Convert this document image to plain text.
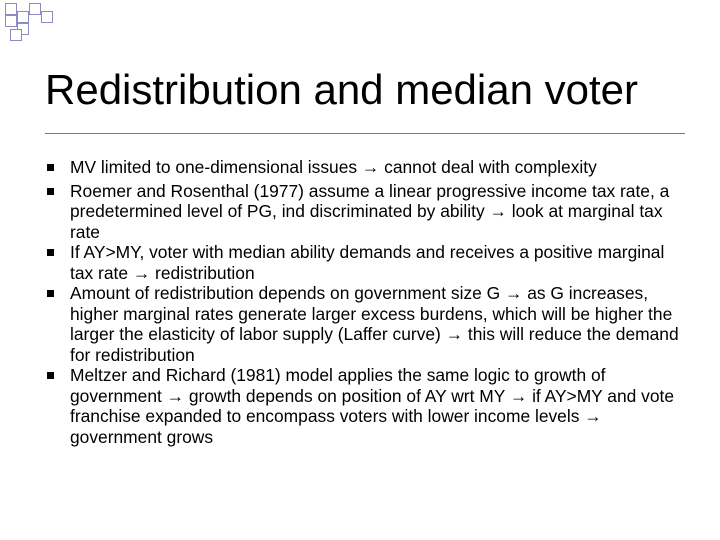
Redistribution and median voter
MV limited to one-dimensional issues → cannot deal with complexity
Roemer and Rosenthal (1977) assume a linear progressive income tax rate, a predetermined level of PG, ind discriminated by ability → look at marginal tax rate
If AY>MY, voter with median ability demands and receives a positive marginal tax rate → redistribution
Amount of redistribution depends on government size G → as G increases, higher marginal rates generate larger excess burdens, which will be higher the larger the elasticity of labor supply (Laffer curve) → this will reduce the demand for redistribution
Meltzer and Richard (1981) model applies the same logic to growth of government → growth depends on position of AY wrt MY → if AY>MY and vote franchise expanded to encompass voters with lower income levels → government grows
